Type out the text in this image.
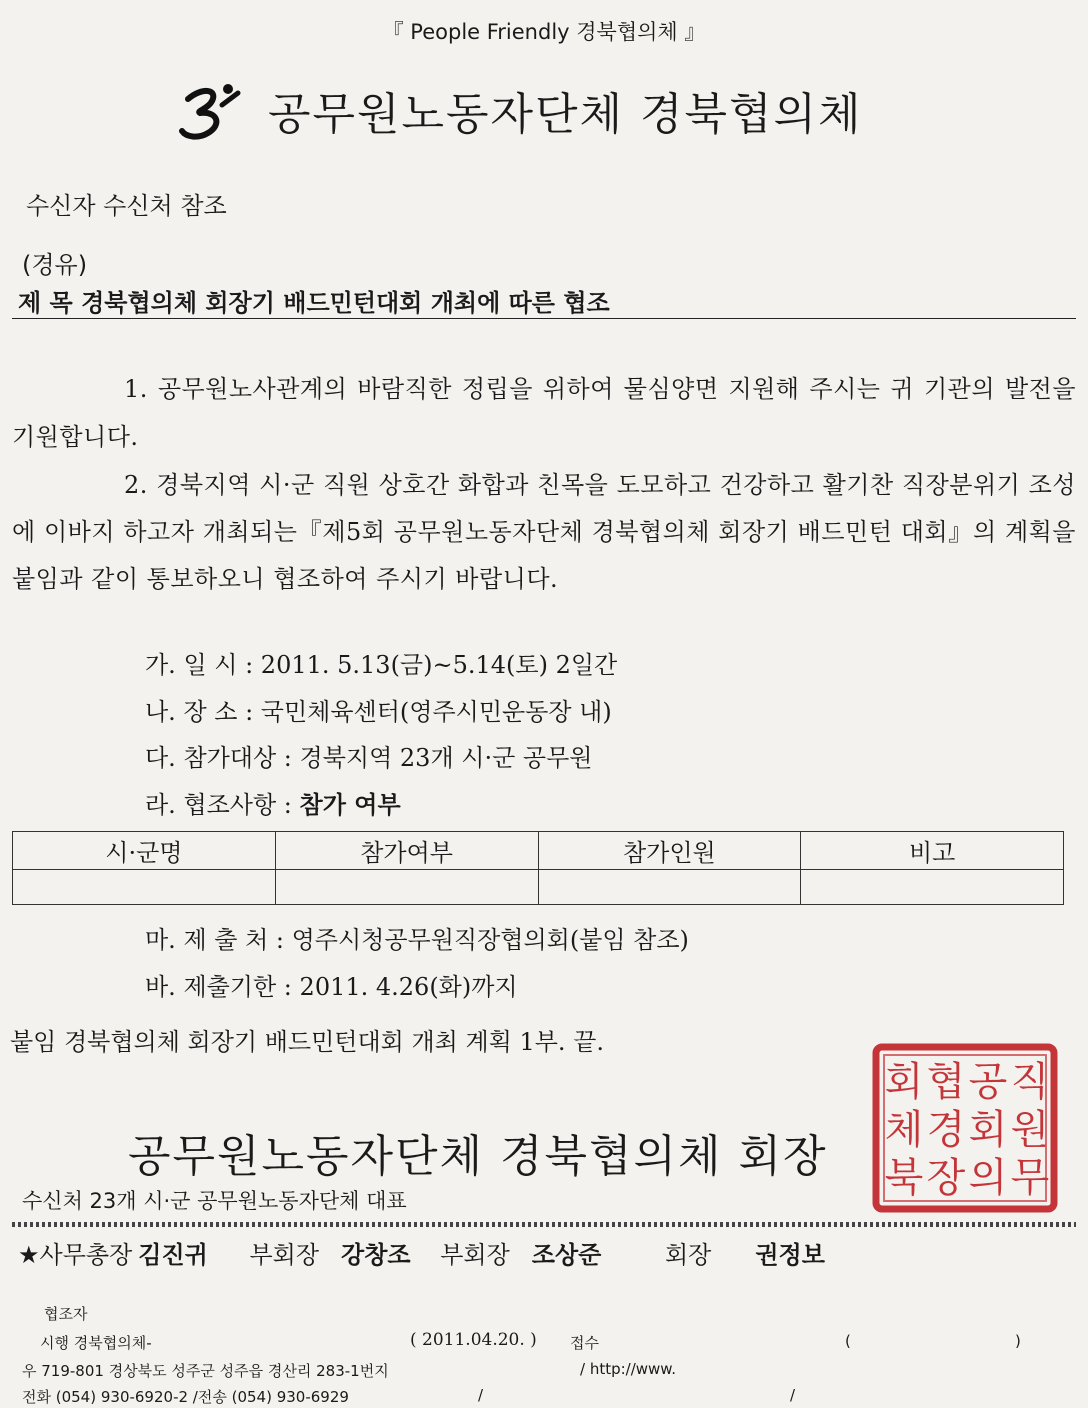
『 People Friendly 경북협의체 』
공무원노동자단체 경북협의체
수신자 수신처 참조
(경유)
제 목 경북협의체 회장기 배드민턴대회 개최에 따른 협조
1. 공무원노사관계의 바람직한 정립을 위하여 물심양면 지원해 주시는 귀 기관의 발전을 기원합니다.
2. 경북지역 시·군 직원 상호간 화합과 친목을 도모하고 건강하고 활기찬 직장분위기 조성에 이바지 하고자 개최되는『제5회 공무원노동자단체 경북협의체 회장기 배드민턴 대회』의 계획을 붙임과 같이 통보하오니 협조하여 주시기 바랍니다.
가. 일 시 : 2011. 5.13(금)~5.14(토) 2일간
나. 장 소 : 국민체육센터(영주시민운동장 내)
다. 참가대상 : 경북지역 23개 시·군 공무원
라. 협조사항 : 참가 여부
시·군명	참가여부	참가인원	비고

마. 제 출 처 : 영주시청공무원직장협의회(붙임 참조)
바. 제출기한 : 2011. 4.26(화)까지
붙임 경북협의체 회장기 배드민턴대회 개최 계획 1부. 끝.
직
원
무
공
회
의
협
경
장
회
체
북
공무원노동자단체 경북협의체 회장
수신처 23개 시·군 공무원노동자단체 대표
★사무총장 김진귀 부회장 강창조 부회장 조상준	회장 권정보
협조자
시행 경북협의체-	( 2011.04.20. ) 접수	(	)
우 719-801 경상북도 성주군 성주읍 경산리 283-1번지	/ http://www.
전화 (054) 930-6920-2 /전송 (054) 930-6929	/	/
